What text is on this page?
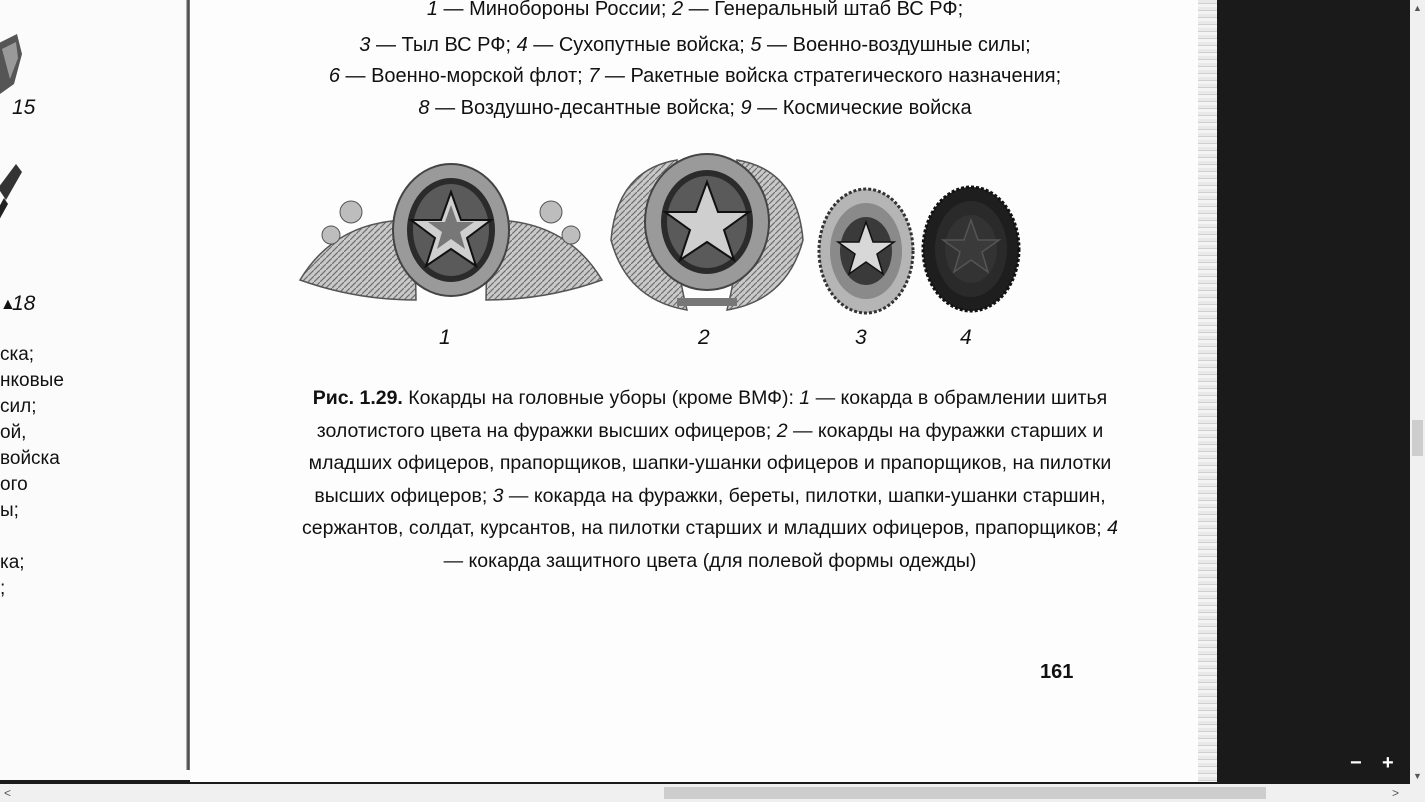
15
▲
18
ска;
нковые
сил;
ой,
войска
ого
ы;
ка;
;
1 — Минобороны России; 2 — Генеральный штаб ВС РФ;
3 — Тыл ВС РФ; 4 — Сухопутные войска; 5 — Военно-воздушные силы;
6 — Военно-морской флот; 7 — Ракетные войска стратегического назначения;
8 — Воздушно-десантные войска; 9 — Космические войска
1	2	3	4
Рис. 1.29. Кокарды на головные уборы (кроме ВМФ): 1 — кокарда в обрамлении шитья золотистого цвета на фуражки высших офицеров; 2 — кокарды на фуражки старших и младших офицеров, прапорщиков, шапки-ушанки офицеров и прапорщиков, на пилотки высших офицеров; 3 — кокарда на фуражки, береты, пилотки, шапки-ушанки старшин, сержантов, солдат, курсантов, на пилотки старших и младших офицеров, прапорщиков; 4 — кокарда защитного цвета (для полевой формы одежды)
161
− +
▲
▼
<	>
